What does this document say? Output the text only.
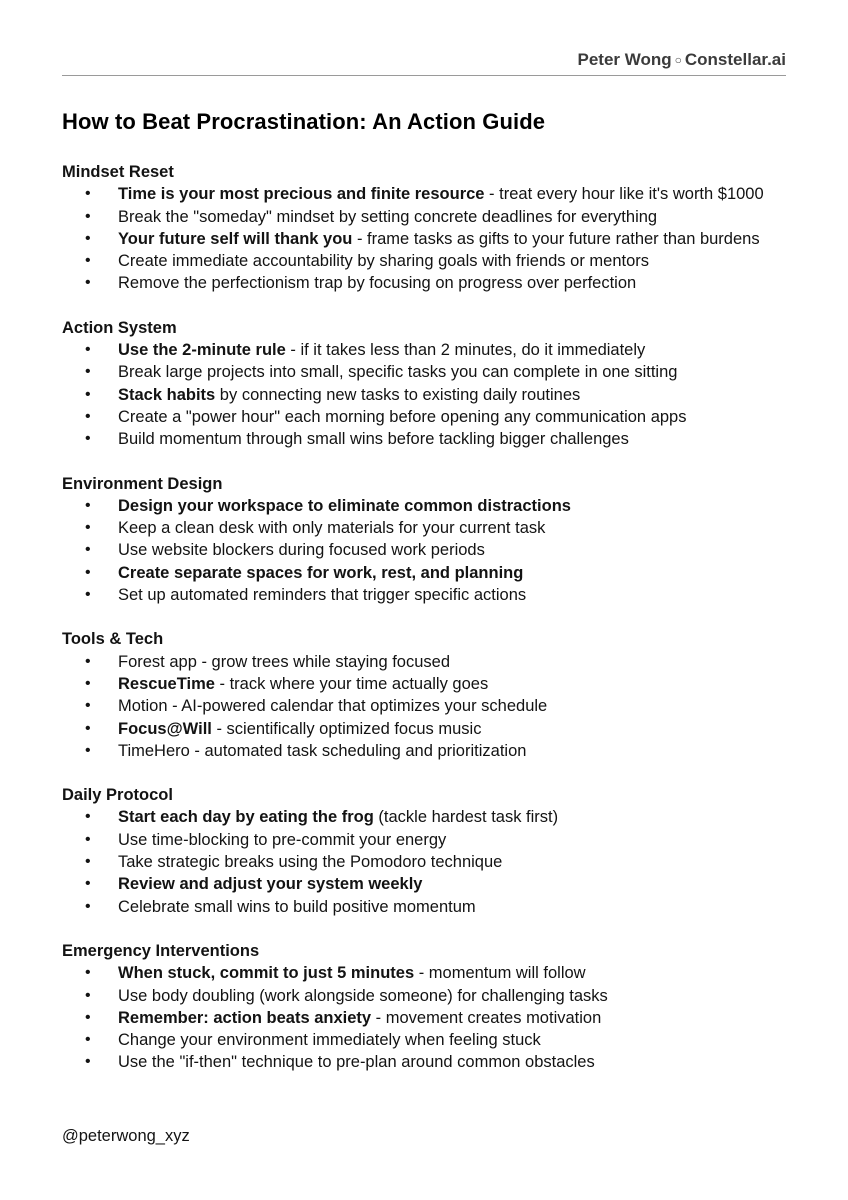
Peter Wong ○ Constellar.ai
How to Beat Procrastination: An Action Guide
Mindset Reset
• Time is your most precious and finite resource - treat every hour like it's worth $1000
• Break the "someday" mindset by setting concrete deadlines for everything
• Your future self will thank you - frame tasks as gifts to your future rather than burdens
• Create immediate accountability by sharing goals with friends or mentors
• Remove the perfectionism trap by focusing on progress over perfection
Action System
• Use the 2-minute rule - if it takes less than 2 minutes, do it immediately
• Break large projects into small, specific tasks you can complete in one sitting
• Stack habits by connecting new tasks to existing daily routines
• Create a "power hour" each morning before opening any communication apps
• Build momentum through small wins before tackling bigger challenges
Environment Design
• Design your workspace to eliminate common distractions
• Keep a clean desk with only materials for your current task
• Use website blockers during focused work periods
• Create separate spaces for work, rest, and planning
• Set up automated reminders that trigger specific actions
Tools & Tech
• Forest app - grow trees while staying focused
• RescueTime - track where your time actually goes
• Motion - AI-powered calendar that optimizes your schedule
• Focus@Will - scientifically optimized focus music
• TimeHero - automated task scheduling and prioritization
Daily Protocol
• Start each day by eating the frog (tackle hardest task first)
• Use time-blocking to pre-commit your energy
• Take strategic breaks using the Pomodoro technique
• Review and adjust your system weekly
• Celebrate small wins to build positive momentum
Emergency Interventions
• When stuck, commit to just 5 minutes - momentum will follow
• Use body doubling (work alongside someone) for challenging tasks
• Remember: action beats anxiety - movement creates motivation
• Change your environment immediately when feeling stuck
• Use the "if-then" technique to pre-plan around common obstacles
@peterwong_xyz
